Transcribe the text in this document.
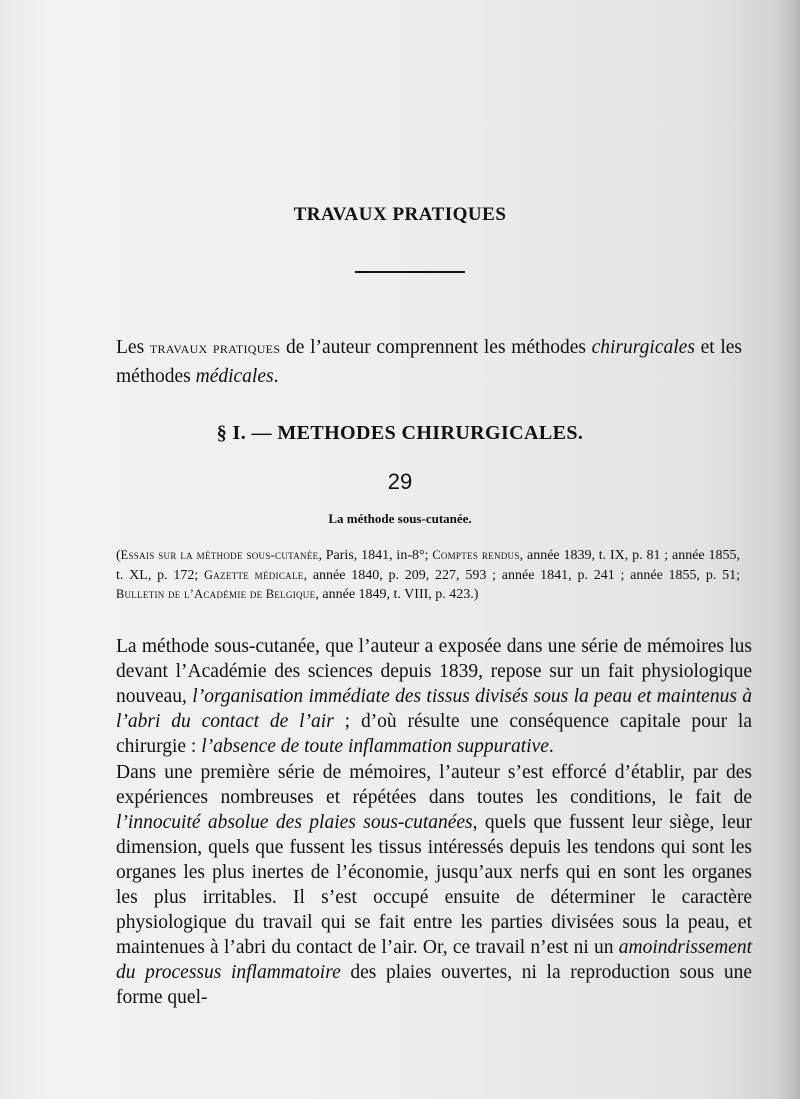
TRAVAUX PRATIQUES

Les travaux pratiques de l’auteur comprennent les méthodes chirurgicales et les méthodes médicales.

§ I. — METHODES CHIRURGICALES.
29
La méthode sous-cutanée.

(Essais sur la méthode sous-cutanée, Paris, 1841, in-8°; Comptes rendus, année 1839, t. IX, p. 81 ; année 1855, t. XL, p. 172; Gazette médicale, année 1840, p. 209, 227, 593 ; année 1841, p. 241 ; année 1855, p. 51; Bulletin de l’Académie de Belgique, année 1849, t. VIII, p. 423.)

La méthode sous-cutanée, que l’auteur a exposée dans une série de mémoires lus devant l’Académie des sciences depuis 1839, repose sur un fait physiologique nouveau, l’organisation immédiate des tissus divisés sous la peau et maintenus à l’abri du contact de l’air ; d’où résulte une conséquence capitale pour la chirurgie : l’absence de toute inflammation suppurative.

Dans une première série de mémoires, l’auteur s’est efforcé d’établir, par des expériences nombreuses et répétées dans toutes les conditions, le fait de l’innocuité absolue des plaies sous-cutanées, quels que fussent leur siège, leur dimension, quels que fussent les tissus intéressés depuis les tendons qui sont les organes les plus inertes de l’économie, jusqu’aux nerfs qui en sont les organes les plus irritables. Il s’est occupé ensuite de déterminer le caractère physiologique du travail qui se fait entre les parties divisées sous la peau, et maintenues à l’abri du contact de l’air. Or, ce travail n’est ni un amoindrissement du processus inflammatoire des plaies ouvertes, ni la reproduction sous une forme quel-
